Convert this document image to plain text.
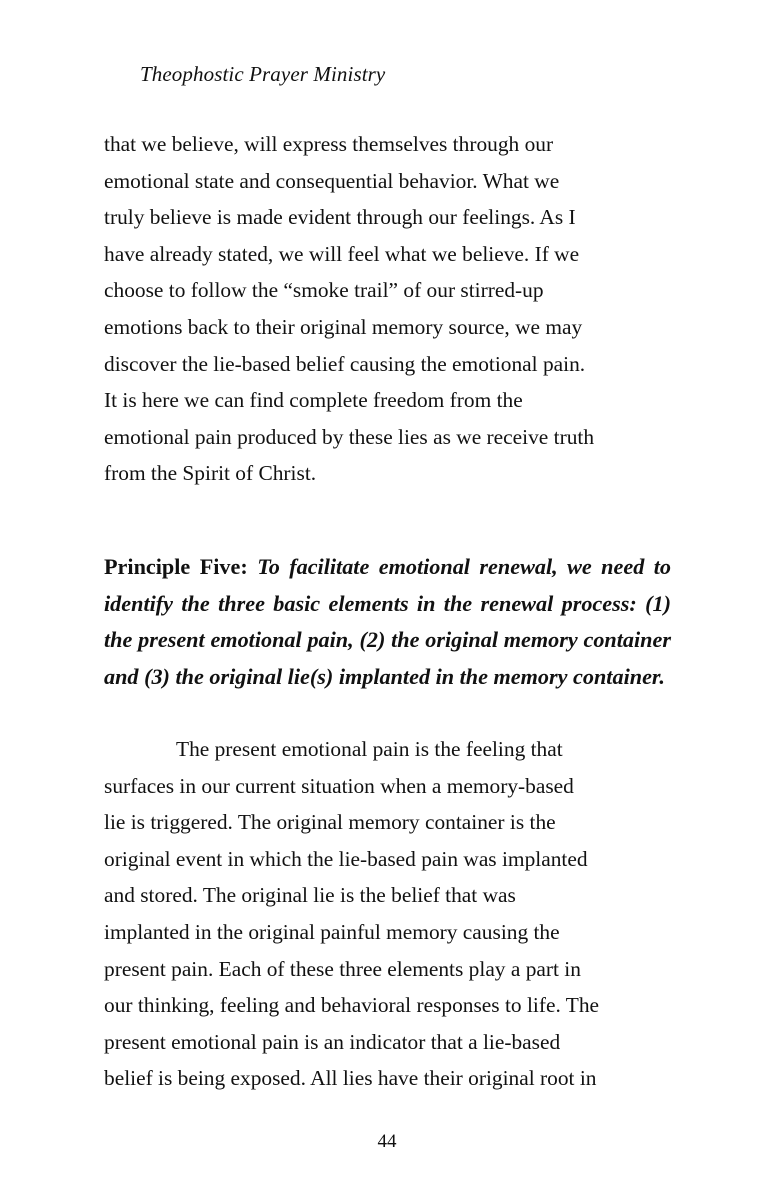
Theophostic Prayer Ministry

that we believe, will express themselves through our
emotional state and consequential behavior. What we
truly believe is made evident through our feelings. As I
have already stated, we will feel what we believe. If we
choose to follow the “smoke trail” of our stirred-up
emotions back to their original memory source, we may
discover the lie-based belief causing the emotional pain.
It is here we can find complete freedom from the
emotional pain produced by these lies as we receive truth
from the Spirit of Christ.

Principle Five: To facilitate emotional renewal, we need to identify the three basic elements in the renewal process: (1) the present emotional pain, (2) the original memory container and (3) the original lie(s) implanted in the memory container.

The present emotional pain is the feeling that
surfaces in our current situation when a memory-based
lie is triggered. The original memory container is the
original event in which the lie-based pain was implanted
and stored. The original lie is the belief that was
implanted in the original painful memory causing the
present pain. Each of these three elements play a part in
our thinking, feeling and behavioral responses to life. The
present emotional pain is an indicator that a lie-based
belief is being exposed. All lies have their original root in

44
